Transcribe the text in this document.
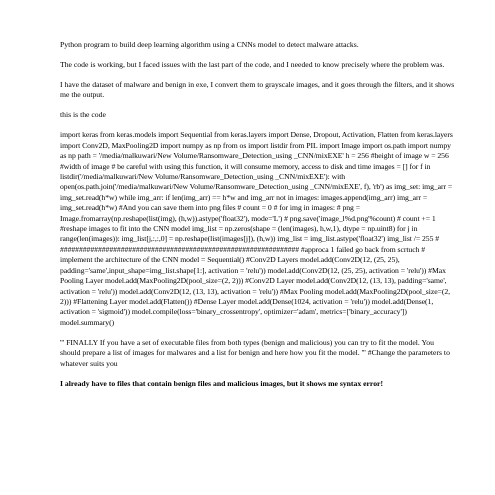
Python program to build deep learning algorithm using a CNNs model to detect malware attacks.

The code is working, but I faced issues with the last part of the code, and I needed to know precisely where the problem was.

I have the dataset of malware and benign in exe, I convert them to grayscale images, and it goes through the filters, and it shows me the output.

this is the code

import keras from keras.models import Sequential from keras.layers import Dense, Dropout, Activation, Flatten from keras.layers import Conv2D, MaxPooling2D import numpy as np from os import listdir from PIL import Image import os.path import numpy as np path = '/media/malkuwari/New Volume/Ransomware_Detection_using _CNN/mixEXE' h = 256 #height of image w = 256 #width of image # be careful with using this function, it will consume memory, access to disk and time images = [] for f in listdir('/media/malkuwari/New Volume/Ransomware_Detection_using _CNN/mixEXE'): with open(os.path.join('/media/malkuwari/New Volume/Ransomware_Detection_using _CNN/mixEXE', f), 'rb') as img_set: img_arr = img_set.read(h*w) while img_arr: if len(img_arr) == h*w and img_arr not in images: images.append(img_arr) img_arr = img_set.read(h*w) #And you can save them into png files # count = 0 # for img in images: # png = Image.fromarray(np.reshape(list(img), (h,w)).astype('float32'), mode='L') # png.save('image_l%d.png'%count) # count += 1 #reshape images to fit into the CNN model img_list = np.zeros(shape = (len(images), h,w,1), dtype = np.uint8) for j in range(len(images)): img_list[j,:,:,0] = np.reshape(list(images[j]), (h,w)) img_list = img_list.astype('float32') img_list /= 255 # ############################################################### #approca 1 failed go back from scrtuch # implement the architecture of the CNN model = Sequential() #Conv2D Layers model.add(Conv2D(12, (25, 25), padding='same',input_shape=img_list.shape[1:], activation = 'relu')) model.add(Conv2D(12, (25, 25), activation = 'relu')) #Max Pooling Layer model.add(MaxPooling2D(pool_size=(2, 2))) #Conv2D Layer model.add(Conv2D(12, (13, 13), padding='same', activation = 'relu')) model.add(Conv2D(12, (13, 13), activation = 'relu')) #Max Pooling model.add(MaxPooling2D(pool_size=(2, 2))) #Flattening Layer model.add(Flatten()) #Dense Layer model.add(Dense(1024, activation = 'relu')) model.add(Dense(1, activation = 'sigmoid')) model.compile(loss='binary_crossentropy', optimizer='adam', metrics=['binary_accuracy']) model.summary()

''' FINALLY If you have a set of executable files from both types (benign and malicious) you can try to fit the model. You should prepare a list of images for malwares and a list for benign and here how you fit the model. ''' #Change the parameters to whatever suits you

I already have to files that contain benign files and malicious images, but it shows me syntax error!
